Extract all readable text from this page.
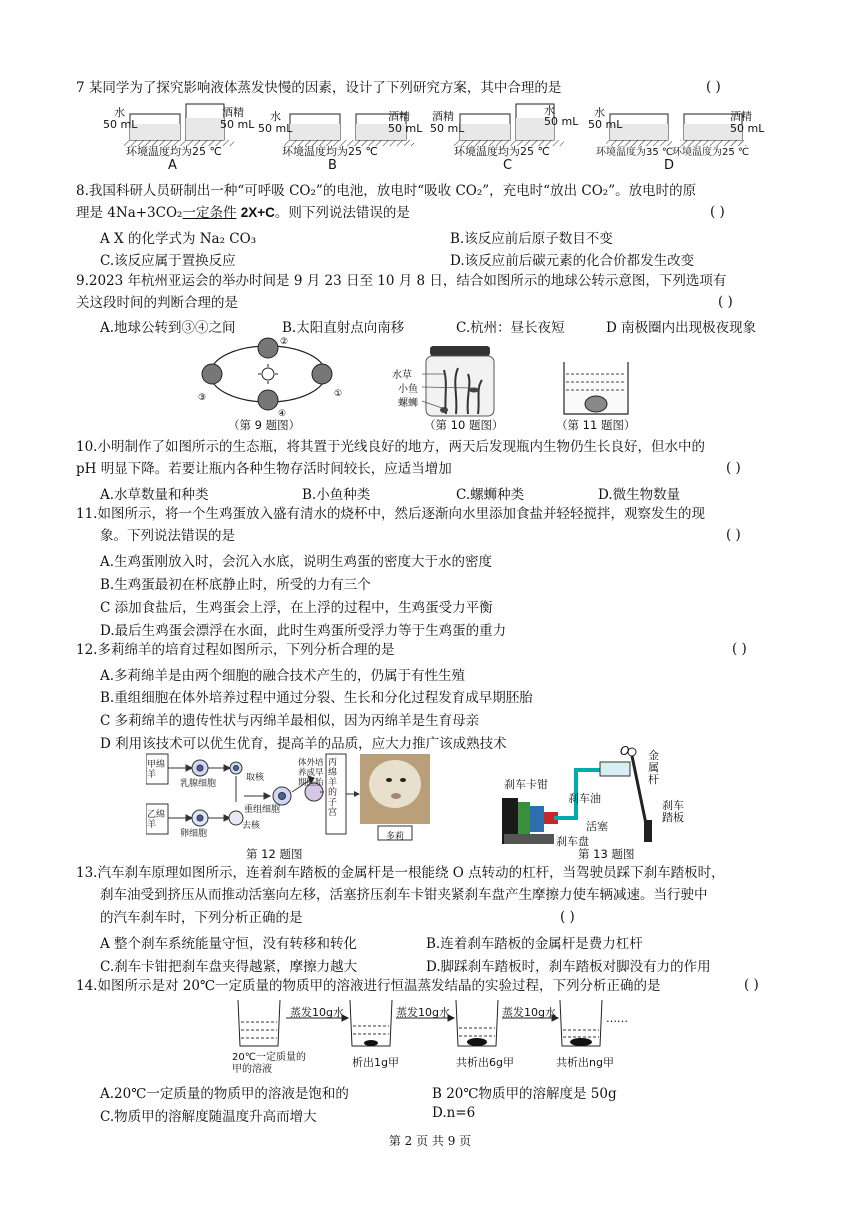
7 某同学为了探究影响液体蒸发快慢的因素，设计了下列研究方案，其中合理的是	( )
水
50 mL
酒精
50 mL
环境温度均为25 ℃
A
水
50 mL
酒精
50 mL
环境温度均为25 ℃
B
酒精
50 mL
水
50 mL
环境温度均为25 ℃
C
水
50 mL
酒精
50 mL
环境温度为35 ℃
环境温度为25 ℃
D
8.我国科研人员研制出一种“可呼吸 CO₂”的电池，放电时“吸收 CO₂”，充电时“放出 CO₂”。放电时的原
理是 4Na+3CO₂一定条件 2X+C。则下列说法错误的是	( )
A X 的化学式为 Na₂ CO₃	B.该反应前后原子数目不变
C.该反应属于置换反应	D.该反应前后碳元素的化合价都发生改变
9.2023 年杭州亚运会的举办时间是 9 月 23 日至 10 月 8 日，结合如图所示的地球公转示意图，下列选项有
关这段时间的判断合理的是	( )
A.地球公转到③④之间	B.太阳直射点向南移	C.杭州：昼长夜短	D 南极圈内出现极夜现象
①
②
③
④
（第 9 题图）
水草
小鱼
螺蛳
（第 10 题图）	（第 11 题图）
10.小明制作了如图所示的生态瓶，将其置于光线良好的地方，两天后发现瓶内生物仍生长良好，但水中的
pH 明显下降。若要让瓶内各种生物存活时间较长，应适当增加	( )
A.水草数量和种类	B.小鱼种类	C.螺蛳种类	D.微生物数量
11.如图所示，将一个生鸡蛋放入盛有清水的烧杯中，然后逐渐向水里添加食盐并轻轻搅拌，观察发生的现
象。下列说法错误的是	( )
A.生鸡蛋刚放入时，会沉入水底，说明生鸡蛋的密度大于水的密度
B.生鸡蛋最初在杯底静止时，所受的力有三个
C 添加食盐后，生鸡蛋会上浮，在上浮的过程中，生鸡蛋受力平衡
D.最后生鸡蛋会漂浮在水面，此时生鸡蛋所受浮力等于生鸡蛋的重力
12.多莉绵羊的培育过程如图所示，下列分析合理的是	( )
A.多莉绵羊是由两个细胞的融合技术产生的，仍属于有性生殖
B.重组细胞在体外培养过程中通过分裂、生长和分化过程发育成早期胚胎
C 多莉绵羊的遗传性状与丙绵羊最相似，因为丙绵羊是生育母亲
D 利用该技术可以优生优育，提高羊的品质，应大力推广该成熟技术
甲绵羊
乙绵羊
丙绵羊的子宫
乳腺细胞
取核
卵细胞
去核
重组细胞
体外培养成早期胚胎
多莉
第 12 题图
刹车卡钳
刹车油
活塞
刹车盘
O 金属杆
刹车踏板
第 13 题图
13.汽车刹车原理如图所示，连着刹车踏板的金属杆是一根能绕 O 点转动的杠杆，当驾驶员踩下刹车踏板时，
刹车油受到挤压从而推动活塞向左移，活塞挤压刹车卡钳夹紧刹车盘产生摩擦力使车辆减速。当行驶中
的汽车刹车时，下列分析正确的是	( )
A 整个刹车系统能量守恒，没有转移和转化	B.连着刹车踏板的金属杆是费力杠杆
C.刹车卡钳把刹车盘夹得越紧，摩擦力越大	D.脚踩刹车踏板时，刹车踏板对脚没有力的作用
14.如图所示是对 20℃一定质量的物质甲的溶液进行恒温蒸发结晶的实验过程，下列分析正确的是	( )
蒸发10g水	蒸发10g水	蒸发10g水	……
20℃一定质量的甲的溶液
析出1g甲	共析出6g甲	共析出ng甲
A.20℃一定质量的物质甲的溶液是饱和的	B 20℃物质甲的溶解度是 50g
C.物质甲的溶解度随温度升高而增大	D.n=6
第 2 页 共 9 页
